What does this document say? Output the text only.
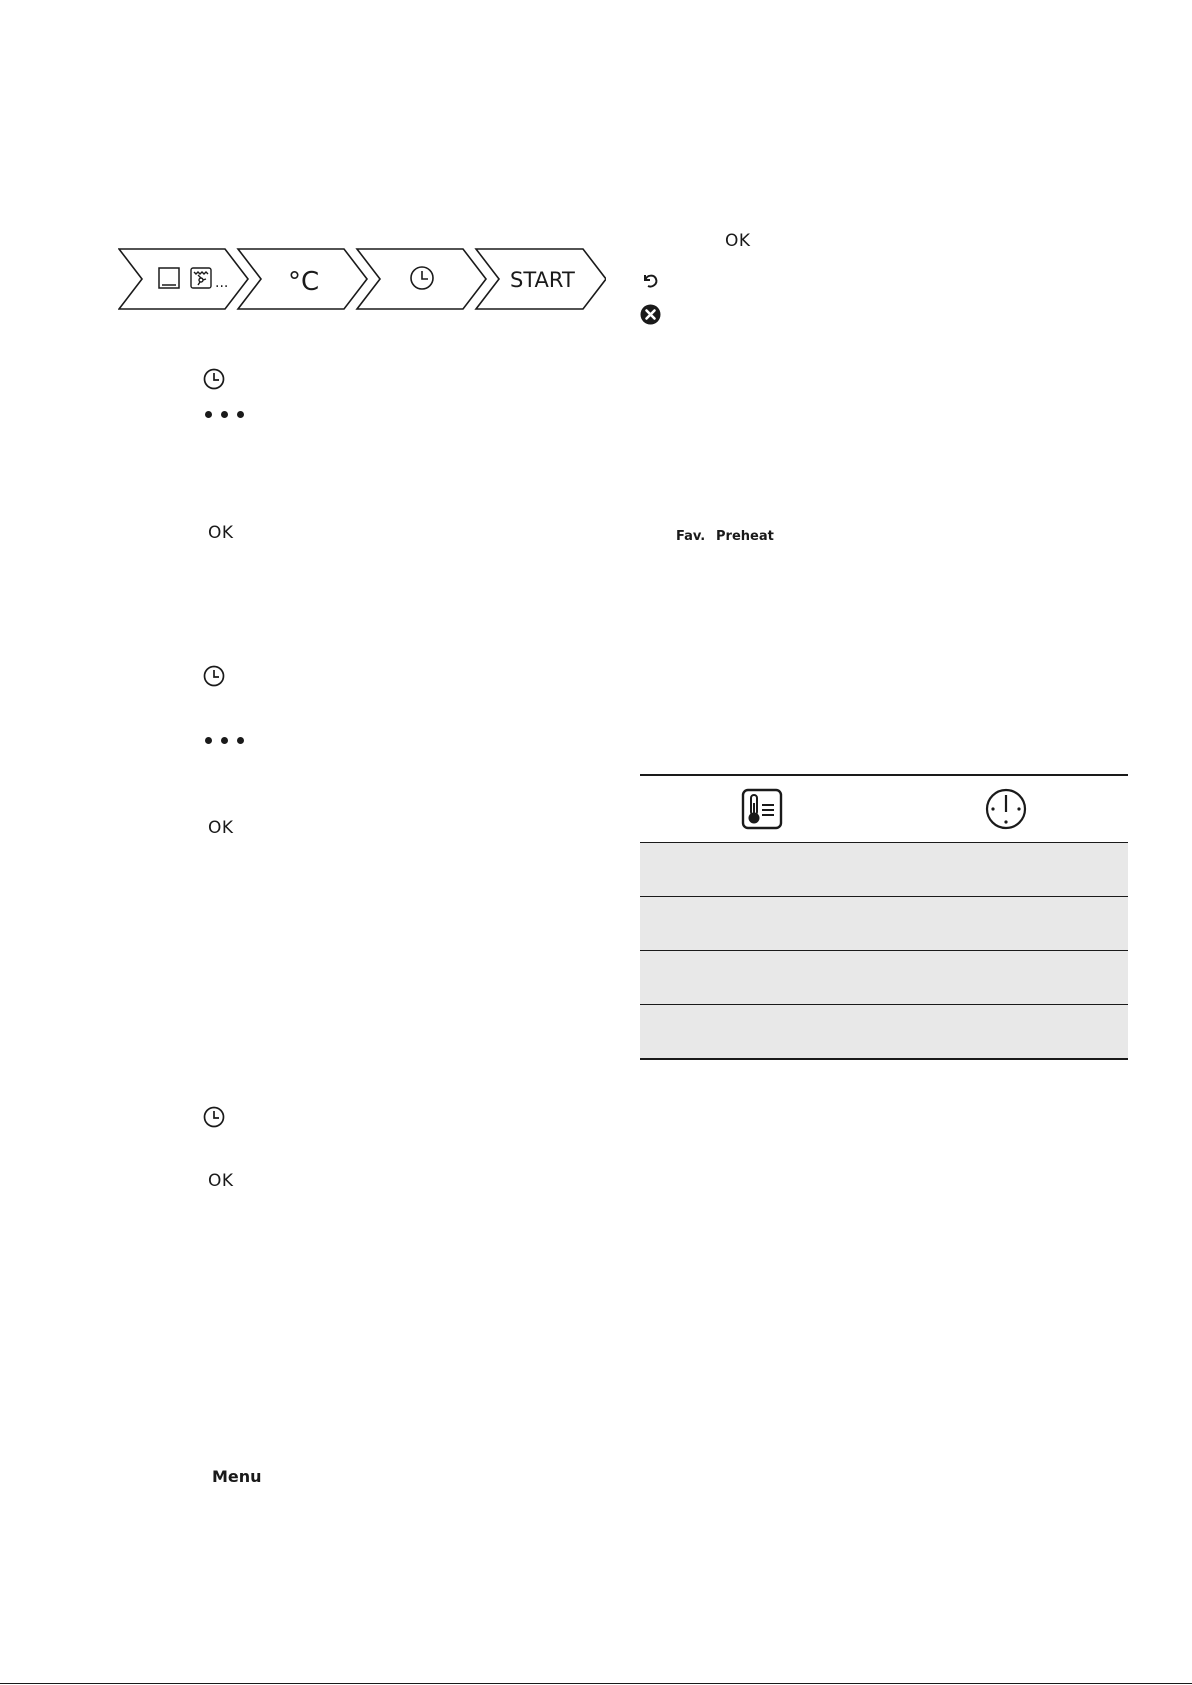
... °C	START
OK
OK
OK
OK
Menu
Fav. Preheat
